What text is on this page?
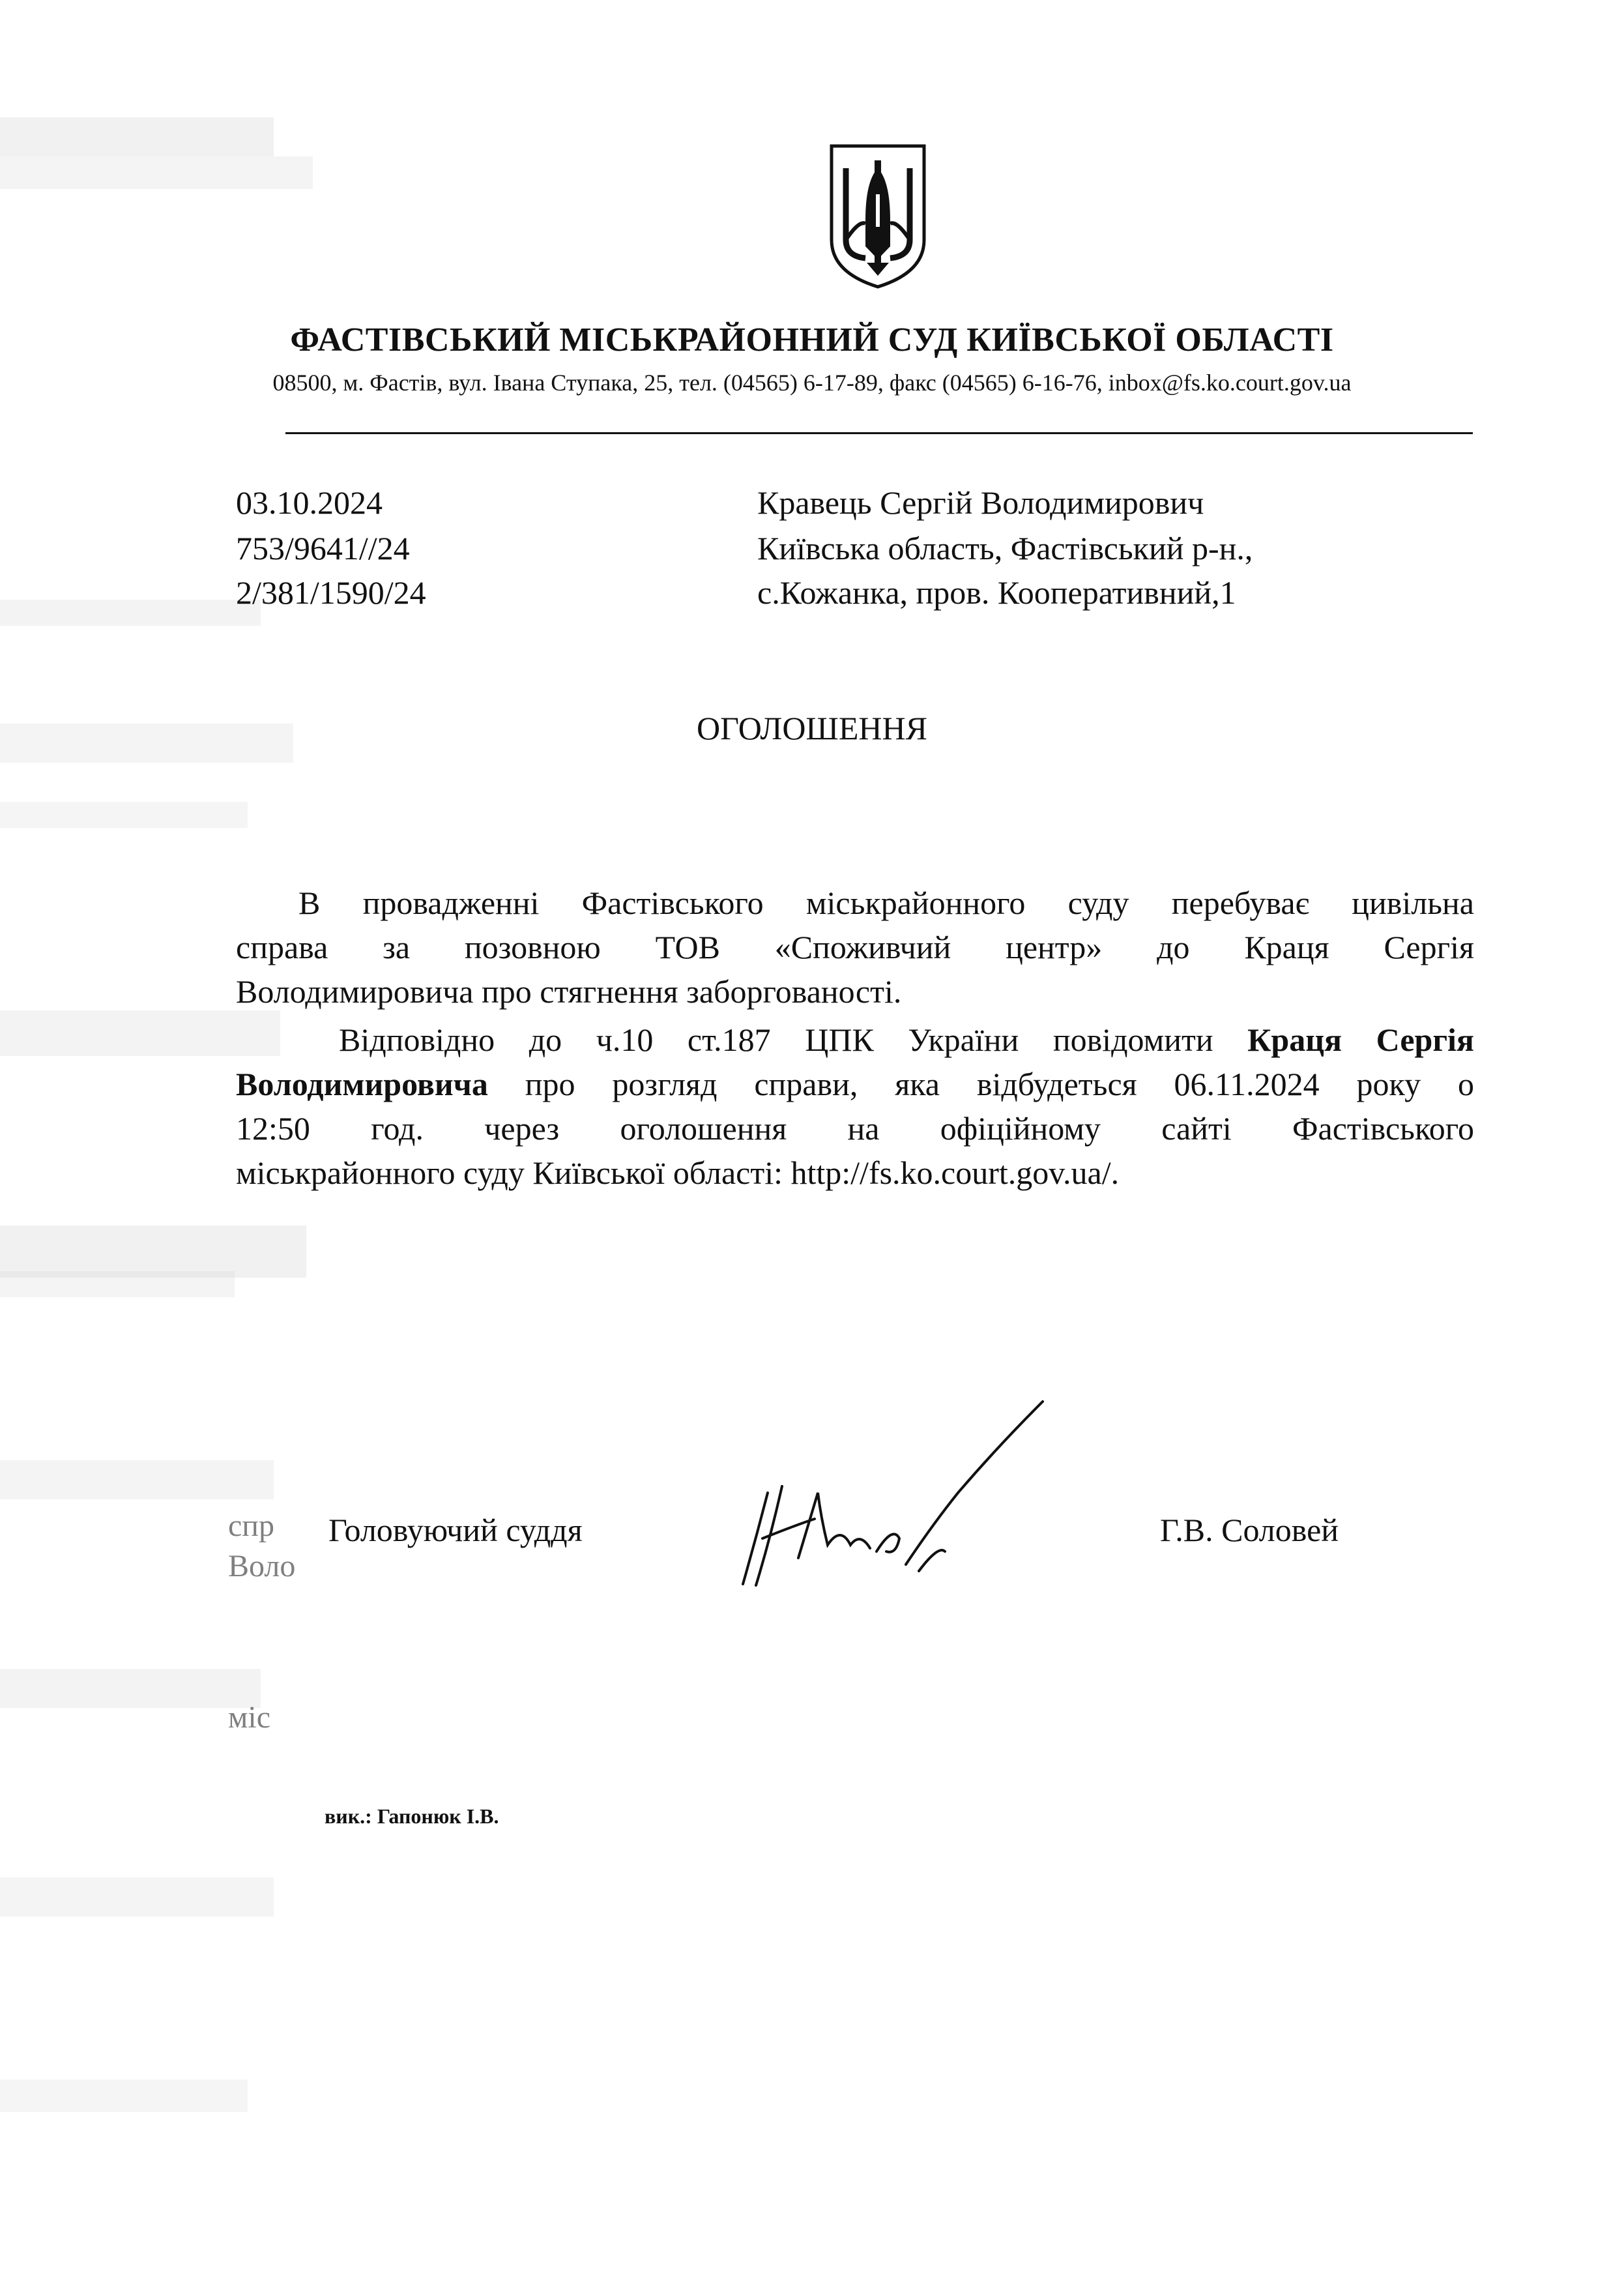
ФАСТІВСЬКИЙ МІСЬКРАЙОННИЙ СУД КИЇВСЬКОЇ ОБЛАСТІ
08500, м. Фастів, вул. Івана Ступака, 25, тел. (04565) 6-17-89, факс (04565) 6-16-76, inbox@fs.ko.court.gov.ua
03.10.2024
753/9641//24
2/381/1590/24
Кравець Сергій Володимирович
Київська область, Фастівський р-н.,
с.Кожанка, пров. Кооперативний,1
ОГОЛОШЕННЯ
В провадженні Фастівського міськрайонного суду перебуває цивільна
справа за позовною ТОВ «Споживчий центр» до Краця Сергія
Володимировича про стягнення заборгованості.
Відповідно до ч.10 ст.187 ЦПК України повідомити Краця Сергія
Володимировича про розгляд справи, яка відбудеться 06.11.2024 року о
12:50 год. через оголошення на офіційному сайті Фастівського
міськрайонного суду Київської області: http://fs.ko.court.gov.ua/.
спр
Воло
міс
Головуючий суддя	Г.В. Соловей
вик.: Гапонюк І.В.
